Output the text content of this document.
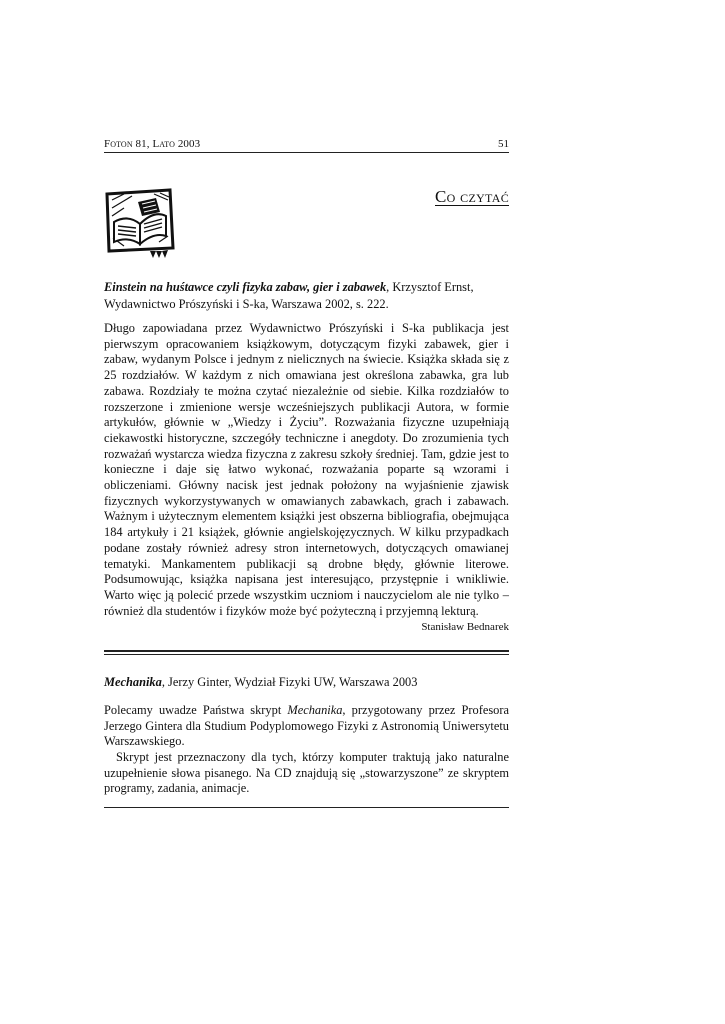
Foton 81, Lato 2003	51
Co czytać
Einstein na huśtawce czyli fizyka zabaw, gier i zabawek, Krzysztof Ernst, Wydawnictwo Prószyński i S-ka, Warszawa 2002, s. 222.

Długo zapowiadana przez Wydawnictwo Prószyński i S-ka publikacja jest pierwszym opracowaniem książkowym, dotyczącym fizyki zabawek, gier i zabaw, wydanym Polsce i jednym z nielicznych na świecie. Książka składa się z 25 rozdziałów. W każdym z nich omawiana jest określona zabawka, gra lub zabawa. Rozdziały te można czytać niezależnie od siebie. Kilka rozdziałów to rozszerzone i zmienione wersje wcześniejszych publikacji Autora, w formie artykułów, głównie w „Wiedzy i Życiu”. Rozważania fizyczne uzupełniają ciekawostki historyczne, szczegóły techniczne i anegdoty. Do zrozumienia tych rozważań wystarcza wiedza fizyczna z zakresu szkoły średniej. Tam, gdzie jest to konieczne i daje się łatwo wykonać, rozważania poparte są wzorami i obliczeniami. Główny nacisk jest jednak położony na wyjaśnienie zjawisk fizycznych wykorzystywanych w omawianych zabawkach, grach i zabawach. Ważnym i użytecznym elementem książki jest obszerna bibliografia, obejmująca 184 artykuły i 21 książek, głównie angielskojęzycznych. W kilku przypadkach podane zostały również adresy stron internetowych, dotyczących omawianej tematyki. Mankamentem publikacji są drobne błędy, głównie literowe. Podsumowując, książka napisana jest interesująco, przystępnie i wnikliwie. Warto więc ją polecić przede wszystkim uczniom i nauczycielom ale nie tylko – również dla studentów i fizyków może być pożyteczną i przyjemną lekturą.

Stanisław Bednarek
Mechanika, Jerzy Ginter, Wydział Fizyki UW, Warszawa 2003

Polecamy uwadze Państwa skrypt Mechanika, przygotowany przez Profesora Jerzego Gintera dla Studium Podyplomowego Fizyki z Astronomią Uniwersytetu Warszawskiego.

Skrypt jest przeznaczony dla tych, którzy komputer traktują jako naturalne uzupełnienie słowa pisanego. Na CD znajdują się „stowarzyszone” ze skryptem programy, zadania, animacje.
